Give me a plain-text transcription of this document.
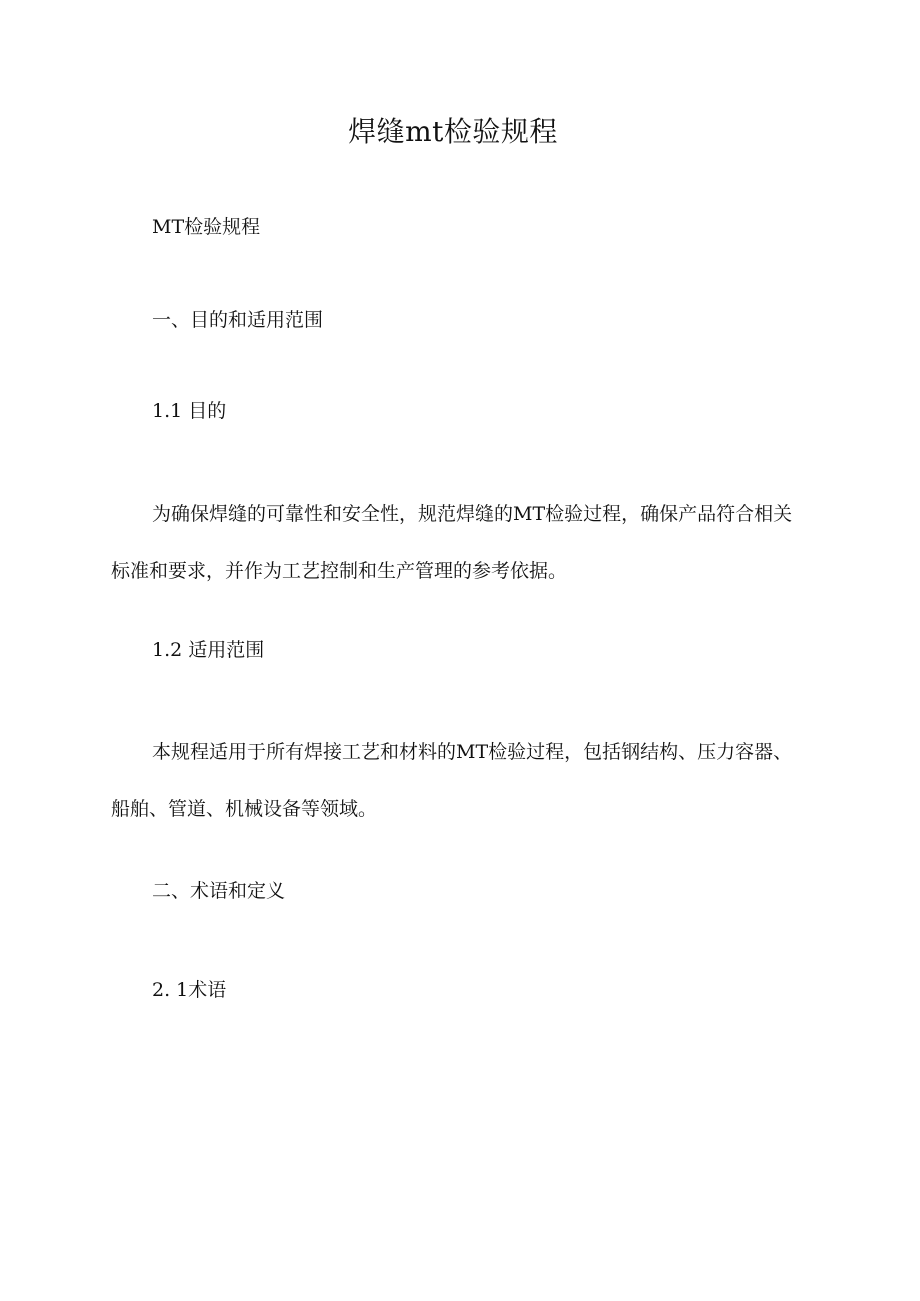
焊缝mt检验规程
MT检验规程
一、目的和适用范围
1.1 目的
为确保焊缝的可靠性和安全性，规范焊缝的MT检验过程，确保产品符合相关标准和要求，并作为工艺控制和生产管理的参考依据。
1.2 适用范围
本规程适用于所有焊接工艺和材料的MT检验过程，包括钢结构、压力容器、船舶、管道、机械设备等领域。
二、术语和定义
2. 1术语
